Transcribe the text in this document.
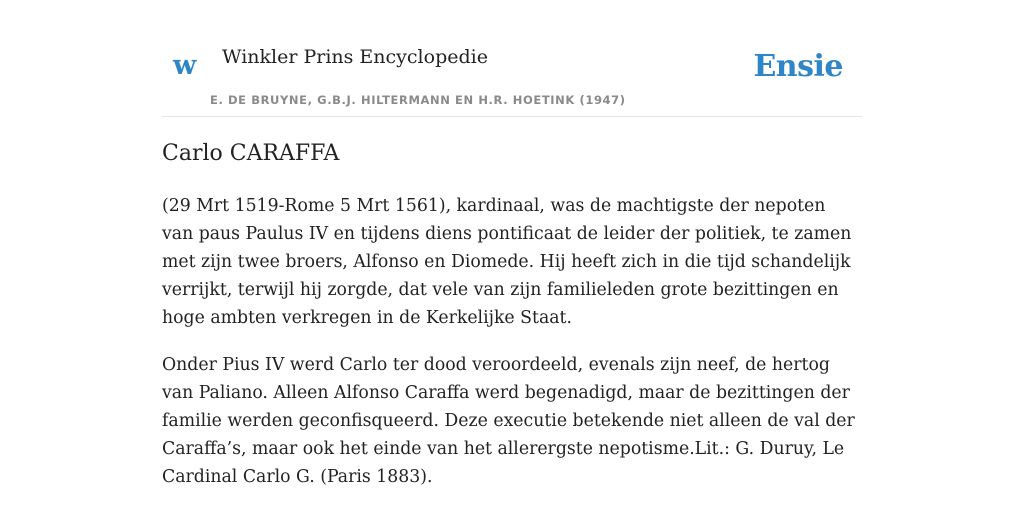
w Winkler Prins Encyclopedie
E. DE BRUYNE, G.B.J. HILTERMANN EN H.R. HOETINK (1947)
Ensie
Carlo CARAFFA

(29 Mrt 1519-Rome 5 Mrt 1561), kardinaal, was de machtigste der nepoten van paus Paulus IV en tijdens diens pontificaat de leider der politiek, te zamen met zijn twee broers, Alfonso en Diomede. Hij heeft zich in die tijd schandelijk verrijkt, terwijl hij zorgde, dat vele van zijn familieleden grote bezittingen en hoge ambten verkregen in de Kerkelijke Staat.

Onder Pius IV werd Carlo ter dood veroordeeld, evenals zijn neef, de hertog van Paliano. Alleen Alfonso Caraffa werd begenadigd, maar de bezittingen der familie werden geconfisqueerd. Deze executie betekende niet alleen de val der Caraffa’s, maar ook het einde van het allerergste nepotisme.Lit.: G. Duruy, Le Cardinal Carlo G. (Paris 1883).
